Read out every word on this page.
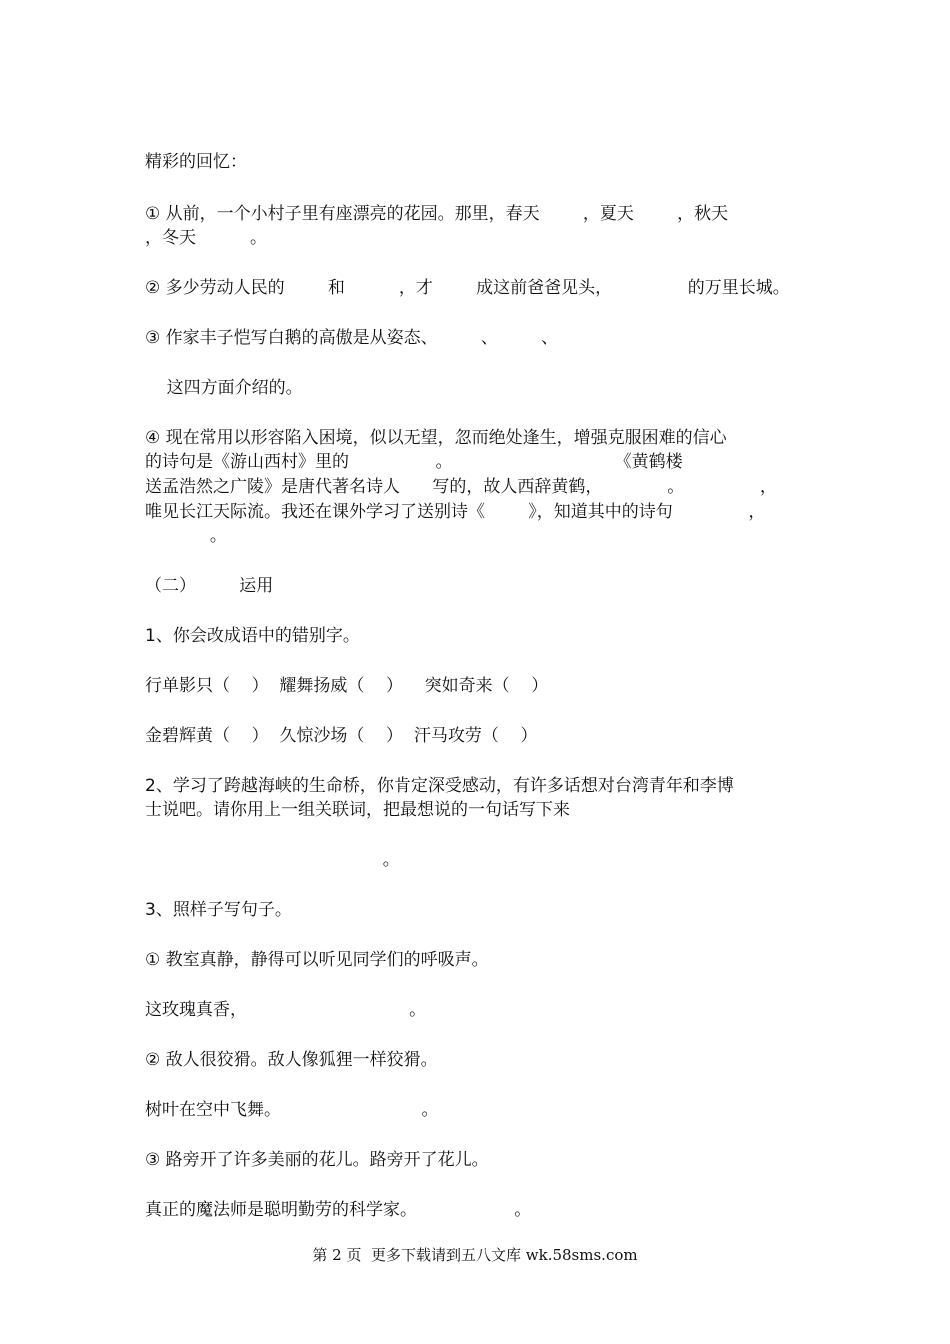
精彩的回忆：
① 从前，一个小村子里有座漂亮的花园。那里，春天        ，夏天        ，秋天
，冬天          。
② 多少劳动人民的        和          ，才        成这前爸爸见头，              的万里长城。
③ 作家丰子恺写白鹅的高傲是从姿态、        、        、
这四方面介绍的。
④ 现在常用以形容陷入困境，似以无望，忽而绝处逢生，增强克服困难的信心
的诗句是《游山西村》里的                。                              《黄鹤楼
送孟浩然之广陵》是唐代著名诗人      写的，故人西辞黄鹤，            。              ，
唯见长江天际流。我还在课外学习了送别诗《        》，知道其中的诗句              ，
。
（二）        运用
1、你会改成语中的错别字。
行单影只（    ）  耀舞扬威（    ）    突如奇来（    ）
金碧辉黄（    ）  久惊沙场（    ）  汗马攻劳（    ）
2、学习了跨越海峡的生命桥，你肯定深受感动，有许多话想对台湾青年和李博
士说吧。请你用上一组关联词，把最想说的一句话写下来
。
3、照样子写句子。
① 教室真静，静得可以听见同学们的呼吸声。
这玫瑰真香，                              。
② 敌人很狡猾。敌人像狐狸一样狡猾。
树叶在空中飞舞。                          。
③ 路旁开了许多美丽的花儿。路旁开了花儿。
真正的魔法师是聪明勤劳的科学家。                  。
第 2 页  更多下载请到五八文库 wk.58sms.com
